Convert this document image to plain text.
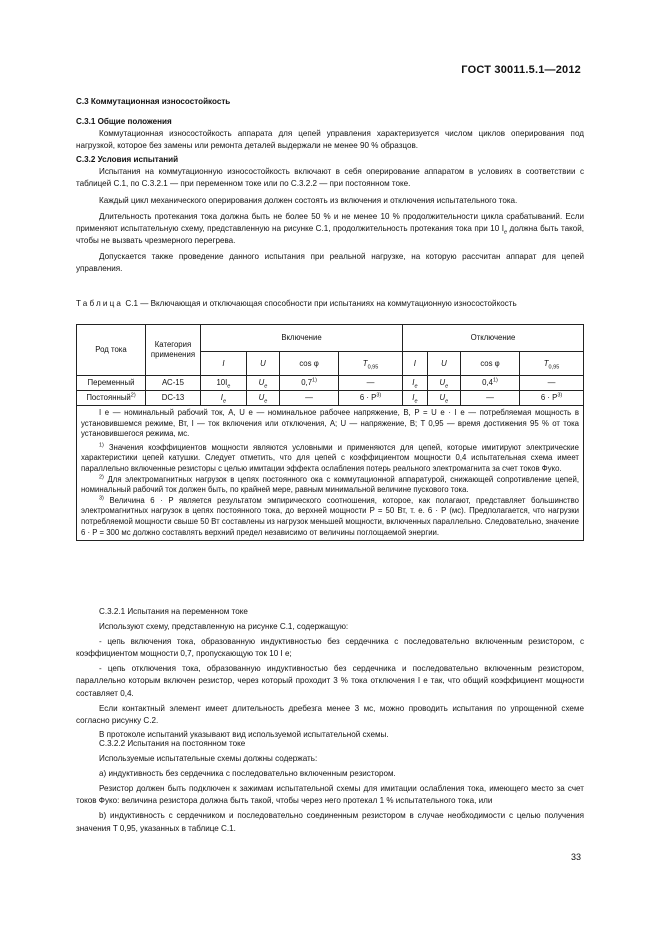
ГОСТ 30011.5.1—2012
С.3 Коммутационная износостойкость
С.3.1 Общие положения

Коммутационная износостойкость аппарата для цепей управления характеризуется числом циклов оперирования под нагрузкой, которое без замены или ремонта деталей выдержали не менее 90 % образцов.

С.3.2 Условия испытаний

Испытания на коммутационную износостойкость включают в себя оперирование аппаратом в условиях в соответствии с таблицей С.1, по С.3.2.1 — при переменном токе или по С.3.2.2 — при постоянном токе.

Каждый цикл механического оперирования должен состоять из включения и отключения испытательного тока.

Длительность протекания тока должна быть не более 50 % и не менее 10 % продолжительности цикла срабатываний. Если применяют испытательную схему, представленную на рисунке С.1, продолжительность протекания тока при 10 $I_e$ должна быть такой, чтобы не вызвать чрезмерного перегрева.

Допускается также проведение данного испытания при реальной нагрузке, на которую рассчитан аппарат для цепей управления.

Таблица С.1 — Включающая и отключающая способности при испытаниях на коммутационную износостойкость
Род тока	Категория применения	Включение				Отключение			
		I	U	cos φ	$T_{0,95}$	I	U	cos φ	$T_{0,95}$
Переменный	АС-15	$10I_e$	$U_e$	0,7$^{1)}$	—	$I_e$	$U_e$	0,4$^{1)}$	—
Постоянный$^{2)}$	DC-13	$I_e$	$U_e$	—	$6 \cdot P^{3)}$	$I_e$	$U_e$	—	$6 \cdot P^{3)}$

I e — номинальный рабочий ток, А, U e — номинальное рабочее напряжение, В, P = U e · I e — потребляемая мощность в установившемся режиме, Вт, I — ток включения или отключения, А; U — напряжение, В; T 0,95 — время достижения 95 % от тока установившегося режима, мс.

$^{1)}$ Значения коэффициентов мощности являются условными и применяются для цепей, которые имитируют электрические характеристики цепей катушки. Следует отметить, что для цепей с коэффициентом мощности 0,4 испытательная схема имеет параллельно включенные резисторы с целью имитации эффекта ослабления потерь реального электромагнита за счет токов Фуко.

$^{2)}$ Для электромагнитных нагрузок в цепях постоянного ока с коммутационной аппаратурой, снижающей сопротивление цепей, номинальный рабочий ток должен быть, по крайней мере, равным минимальной величине пускового тока.

$^{3)}$ Величина 6 · P является результатом эмпирического соотношения, которое, как полагают, представляет большинство электромагнитных нагрузок в цепях постоянного тока, до верхней мощности P = 50 Вт, т. е. 6 · P (мс). Предполагается, что нагрузки потребляемой мощности свыше 50 Вт составлены из нагрузок меньшей мощности, включенных параллельно. Следовательно, значение 6 · P = 300 мс должно составлять верхний предел независимо от величины поглощаемой энергии.

С.3.2.1 Испытания на переменном токе

Используют схему, представленную на рисунке С.1, содержащую:

- цепь включения тока, образованную индуктивностью без сердечника с последовательно включенным резистором, с коэффициентом мощности 0,7, пропускающую ток 10 I e;

- цепь отключения тока, образованную индуктивностью без сердечника и последовательно включенным резистором, параллельно которым включен резистор, через который проходит 3 % тока отключения I e так, что общий коэффициент мощности составляет 0,4.

Если контактный элемент имеет длительность дребезга менее 3 мс, можно проводить испытания по упрощенной схеме согласно рисунку С.2.

В протоколе испытаний указывают вид используемой испытательной схемы.

С.3.2.2 Испытания на постоянном токе

Используемые испытательные схемы должны содержать:

а) индуктивность без сердечника с последовательно включенным резистором.

Резистор должен быть подключен к зажимам испытательной схемы для имитации ослабления тока, имеющего место за счет токов Фуко: величина резистора должна быть такой, чтобы через него протекал 1 % испытательного тока, или

b) индуктивность с сердечником и последовательно соединенным резистором в случае необходимости с целью получения значения T 0,95, указанных в таблице С.1.

33
